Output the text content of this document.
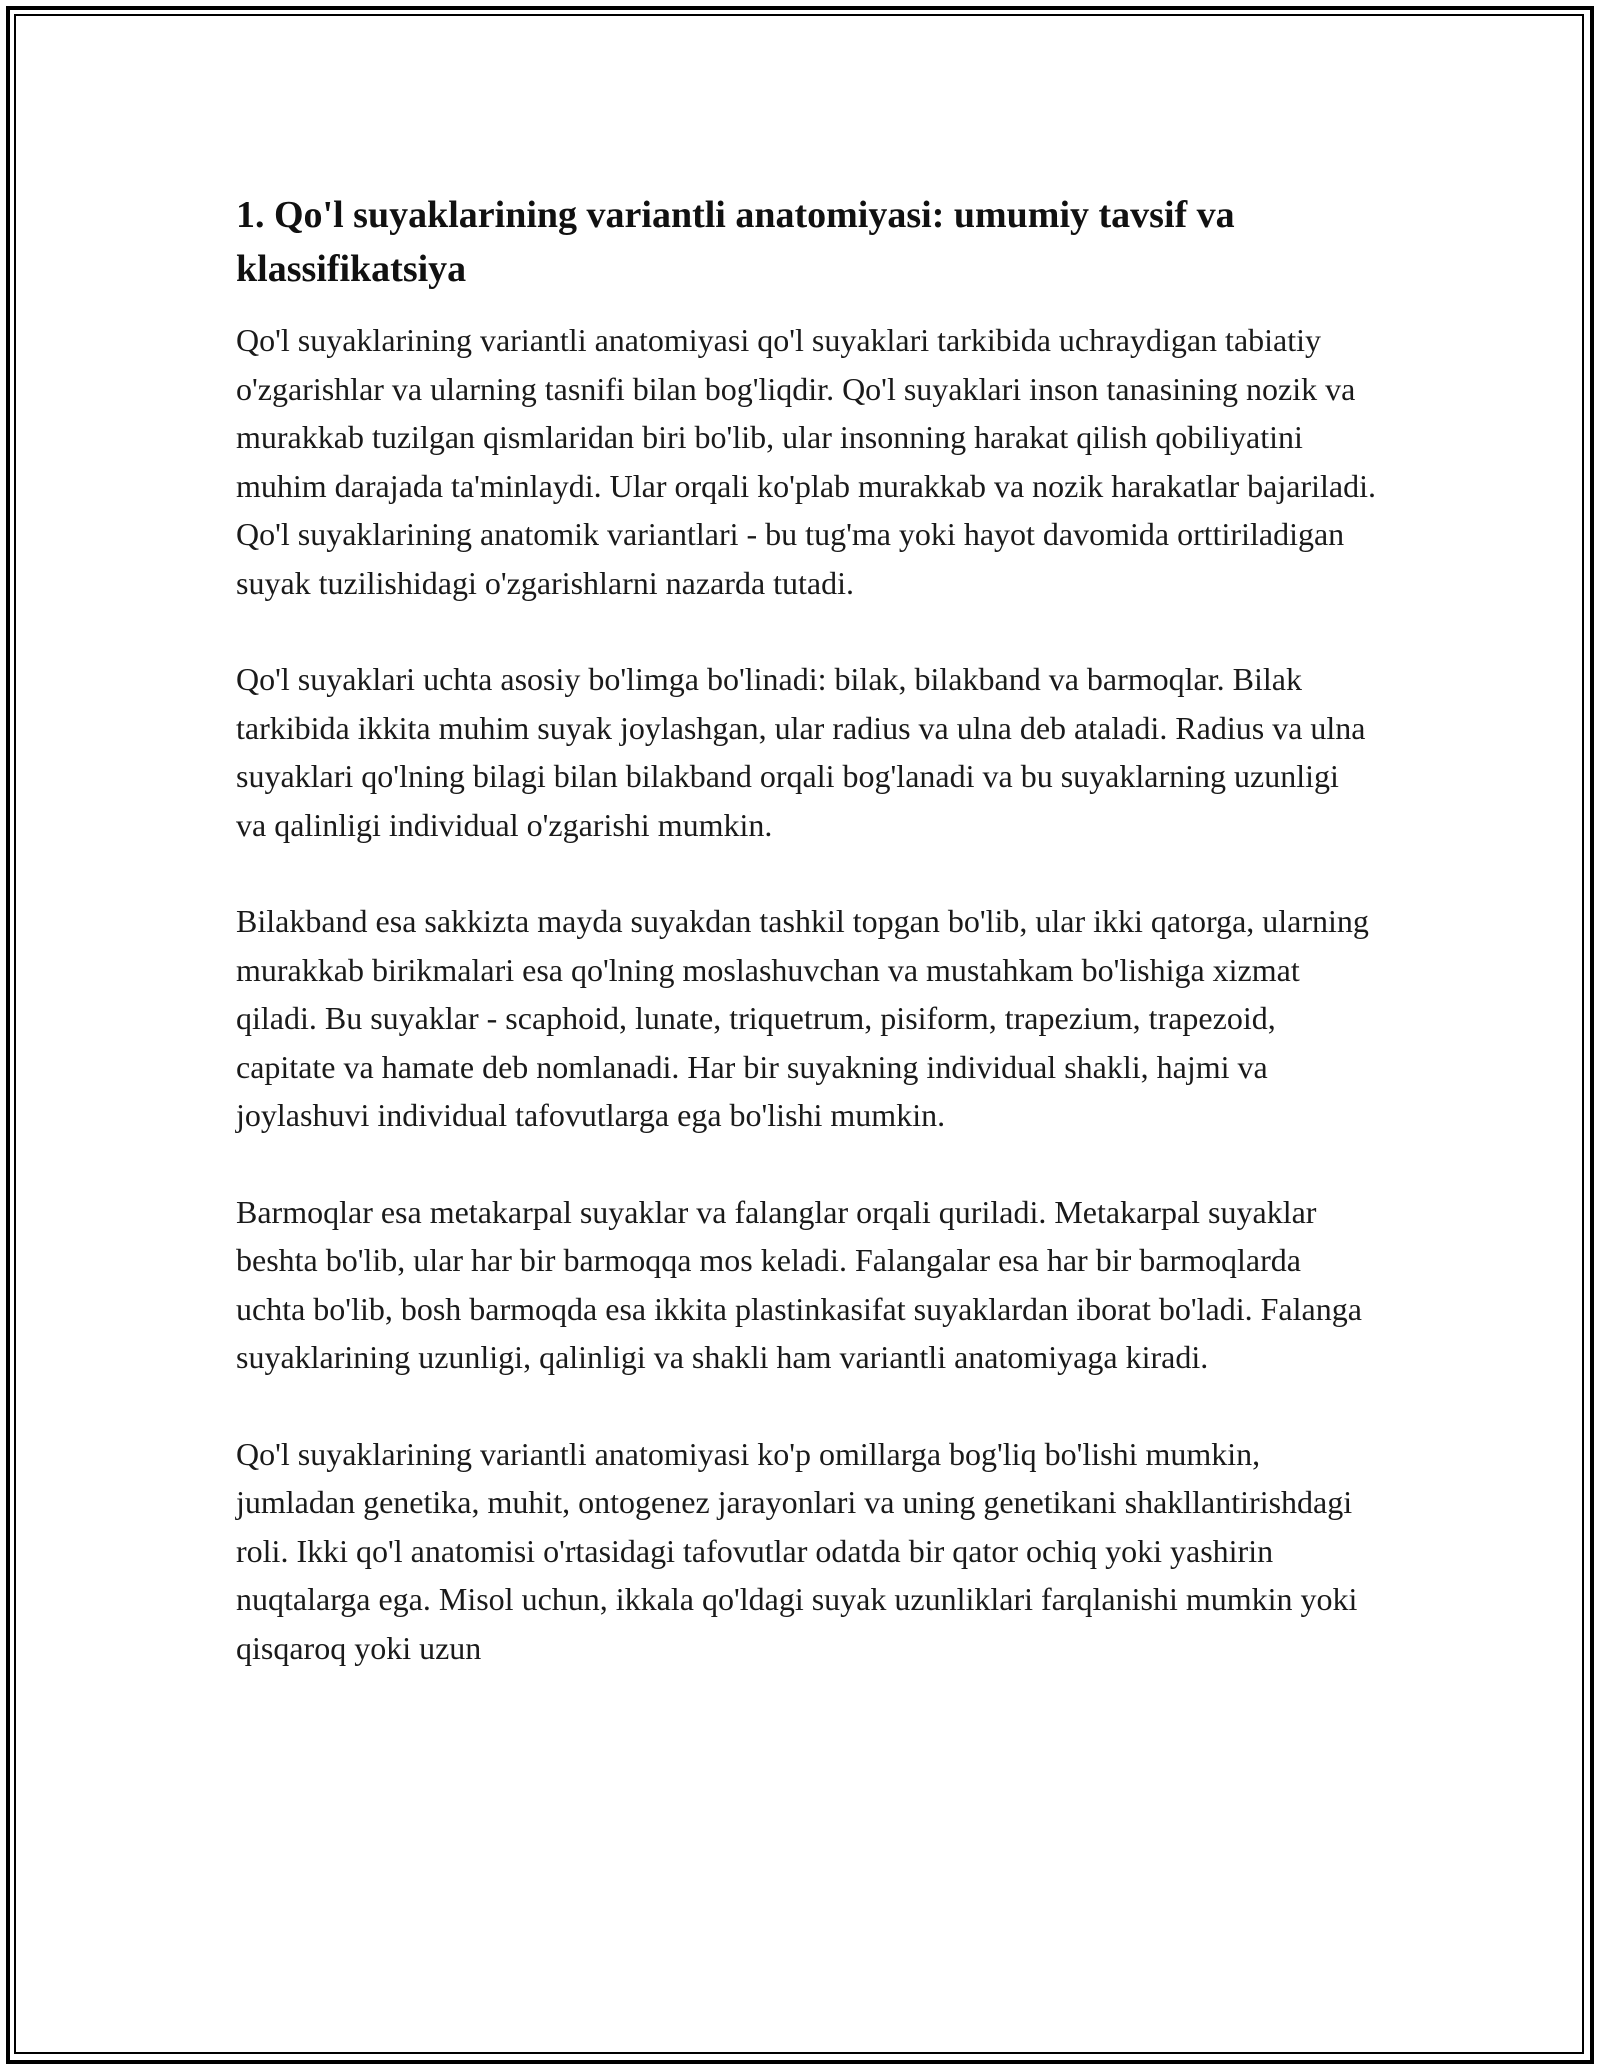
1. Qo'l suyaklarining variantli anatomiyasi: umumiy tavsif va klassifikatsiya

Qo'l suyaklarining variantli anatomiyasi qo'l suyaklari tarkibida uchraydigan tabiatiy o'zgarishlar va ularning tasnifi bilan bog'liqdir. Qo'l suyaklari inson tanasining nozik va murakkab tuzilgan qismlaridan biri bo'lib, ular insonning harakat qilish qobiliyatini muhim darajada ta'minlaydi. Ular orqali ko'plab murakkab va nozik harakatlar bajariladi. Qo'l suyaklarining anatomik variantlari - bu tug'ma yoki hayot davomida orttiriladigan suyak tuzilishidagi o'zgarishlarni nazarda tutadi.

Qo'l suyaklari uchta asosiy bo'limga bo'linadi: bilak, bilakband va barmoqlar. Bilak tarkibida ikkita muhim suyak joylashgan, ular radius va ulna deb ataladi. Radius va ulna suyaklari qo'lning bilagi bilan bilakband orqali bog'lanadi va bu suyaklarning uzunligi va qalinligi individual o'zgarishi mumkin.

Bilakband esa sakkizta mayda suyakdan tashkil topgan bo'lib, ular ikki qatorga, ularning murakkab birikmalari esa qo'lning moslashuvchan va mustahkam bo'lishiga xizmat qiladi. Bu suyaklar - scaphoid, lunate, triquetrum, pisiform, trapezium, trapezoid, capitate va hamate deb nomlanadi. Har bir suyakning individual shakli, hajmi va joylashuvi individual tafovutlarga ega bo'lishi mumkin.

Barmoqlar esa metakarpal suyaklar va falanglar orqali quriladi. Metakarpal suyaklar beshta bo'lib, ular har bir barmoqqa mos keladi. Falangalar esa har bir barmoqlarda uchta bo'lib, bosh barmoqda esa ikkita plastinkasifat suyaklardan iborat bo'ladi. Falanga suyaklarining uzunligi, qalinligi va shakli ham variantli anatomiyaga kiradi.

Qo'l suyaklarining variantli anatomiyasi ko'p omillarga bog'liq bo'lishi mumkin, jumladan genetika, muhit, ontogenez jarayonlari va uning genetikani shakllantirishdagi roli. Ikki qo'l anatomisi o'rtasidagi tafovutlar odatda bir qator ochiq yoki yashirin nuqtalarga ega. Misol uchun, ikkala qo'ldagi suyak uzunliklari farqlanishi mumkin yoki qisqaroq yoki uzun
